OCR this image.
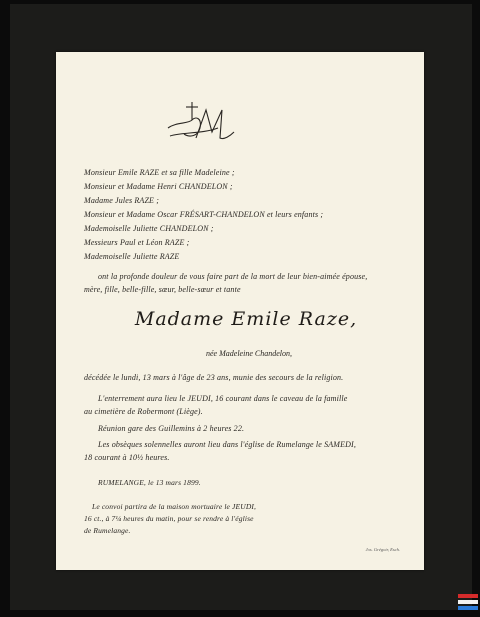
Monsieur Emile RAZE et sa fille Madeleine ;
Monsieur et Madame Henri CHANDELON ;
Madame Jules RAZE ;
Monsieur et Madame Oscar FRÉSART-CHANDELON et leurs enfants ;
Mademoiselle Juliette CHANDELON ;
Messieurs Paul et Léon RAZE ;
Mademoiselle Juliette RAZE
ont la profonde douleur de vous faire part de la mort de leur bien-aimée épouse,
mère, fille, belle-fille, sœur, belle-sœur et tante
Madame Emile Raze,
née Madeleine Chandelon,
décédée le lundi, 13 mars à l'âge de 23 ans, munie des secours de la religion.
L'enterrement aura lieu le JEUDI, 16 courant dans le caveau de la famille
au cimetière de Robermont (Liège).
Réunion gare des Guillemins à 2 heures 22.
Les obsèques solennelles auront lieu dans l'église de Rumelange le SAMEDI,
18 courant à 10½ heures.
RUMELANGE, le 13 mars 1899.
Le convoi partira de la maison mortuaire le JEUDI,
16 ct., à 7¼ heures du matin, pour se rendre à l'église
de Rumelange.
Jos. Grégoir, Esch.
